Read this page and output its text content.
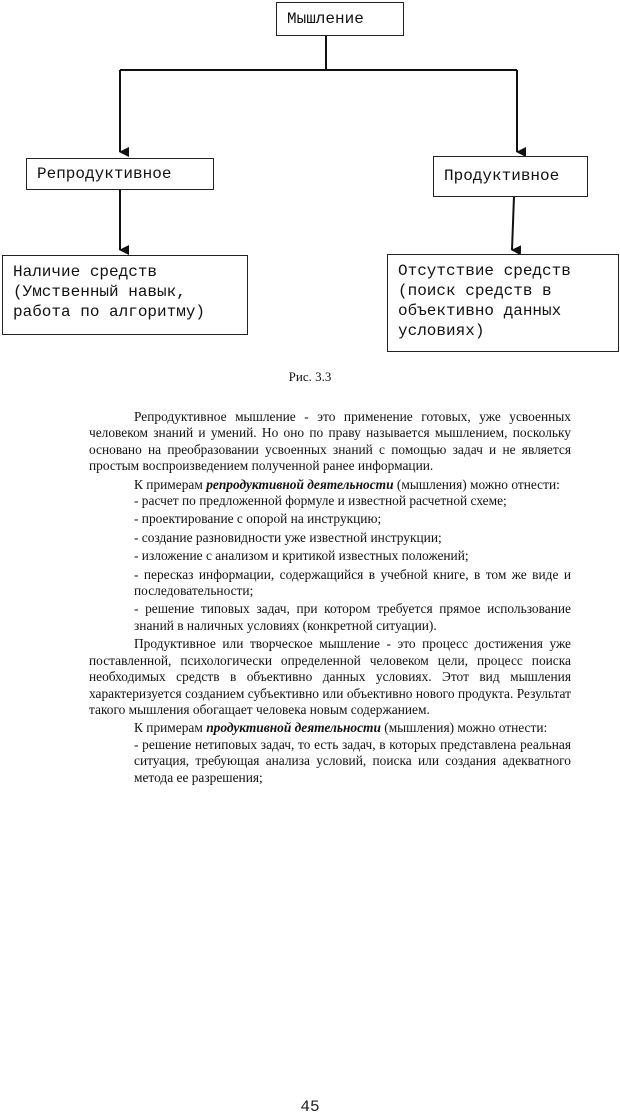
Мышление
Репродуктивное	Продуктивное
Наличие средств
(Умственный навык,
работа по алгоритму)
Отсутствие средств
(поиск средств в
объективно данных
условиях)
Рис. 3.3

Репродуктивное мышление - это применение готовых, уже усвоенных человеком знаний и умений. Но оно по праву называется мышлением, поскольку основано на преобразовании усвоенных знаний с помощью задач и не является простым воспроизведением полученной ранее информации.

К примерам репродуктивной деятельности (мышления) можно отнести:

- расчет по предложенной формуле и известной расчетной схеме;
- проектирование с опорой на инструкцию;
- создание разновидности уже известной инструкции;
- изложение с анализом и критикой известных положений;
- пересказ информации, содержащийся в учебной книге, в том же виде и последовательности;
- решение типовых задач, при котором требуется прямое использование знаний в наличных условиях (конкретной ситуации).

Продуктивное или творческое мышление - это процесс достижения уже поставленной, психологически определенной человеком цели, процесс поиска необходимых средств в объективно данных условиях. Этот вид мышления характеризуется созданием субъективно или объективно нового продукта. Результат такого мышления обогащает человека новым содержанием.

К примерам продуктивной деятельности (мышления) можно отнести:

- решение нетиповых задач, то есть задач, в которых представлена реальная ситуация, требующая анализа условий, поиска или создания адекватного метода ее разрешения;
45
